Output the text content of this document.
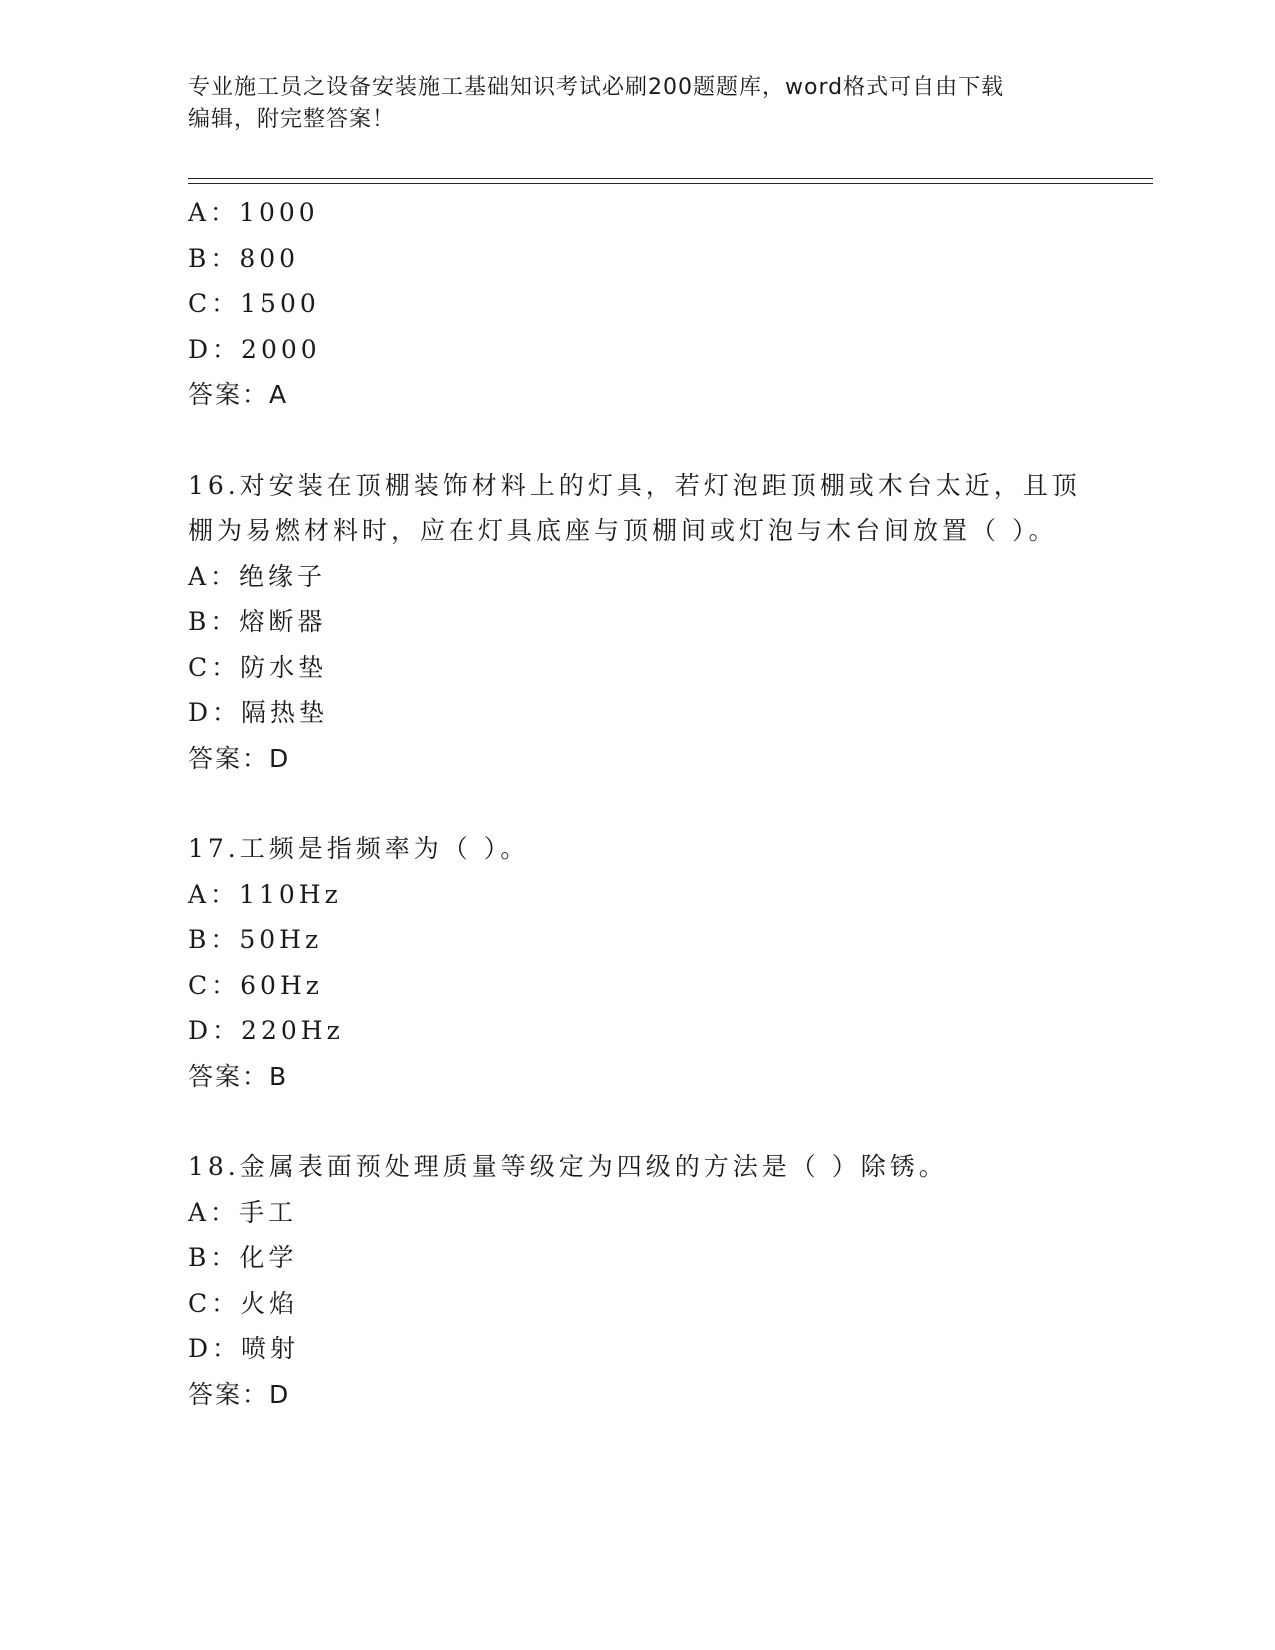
专业施工员之设备安装施工基础知识考试必刷200题题库，word格式可自由下载
编辑，附完整答案！
A：1000
B：800
C：1500
D：2000
答案：A
16.对安装在顶棚装饰材料上的灯具，若灯泡距顶棚或木台太近，且顶
棚为易燃材料时，应在灯具底座与顶棚间或灯泡与木台间放置（ ）。
A：绝缘子
B：熔断器
C：防水垫
D：隔热垫
答案：D
17.工频是指频率为（ ）。
A：110Hz
B：50Hz
C：60Hz
D：220Hz
答案：B
18.金属表面预处理质量等级定为四级的方法是（ ）除锈。
A：手工
B：化学
C：火焰
D：喷射
答案：D
